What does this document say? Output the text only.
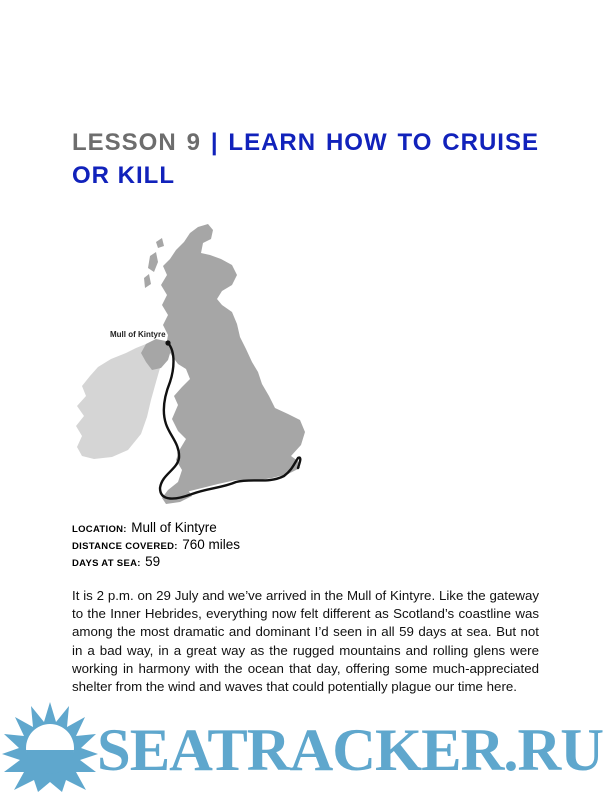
LESSON 9 | LEARN HOW TO CRUISE OR KILL
Mull of Kintyre
LOCATION: Mull of Kintyre
DISTANCE COVERED: 760 miles
DAYS AT SEA: 59

It is 2 p.m. on 29 July and we’ve arrived in the Mull of Kintyre. Like the gateway to the Inner Hebrides, everything now felt different as Scotland’s coastline was among the most dramatic and dominant I’d seen in all 59 days at sea. But not in a bad way, in a great way as the rugged mountains and rolling glens were working in harmony with the ocean that day, offering some much-appreciated shelter from the wind and waves that could potentially plague our time here.

SEATRACKER.RU
